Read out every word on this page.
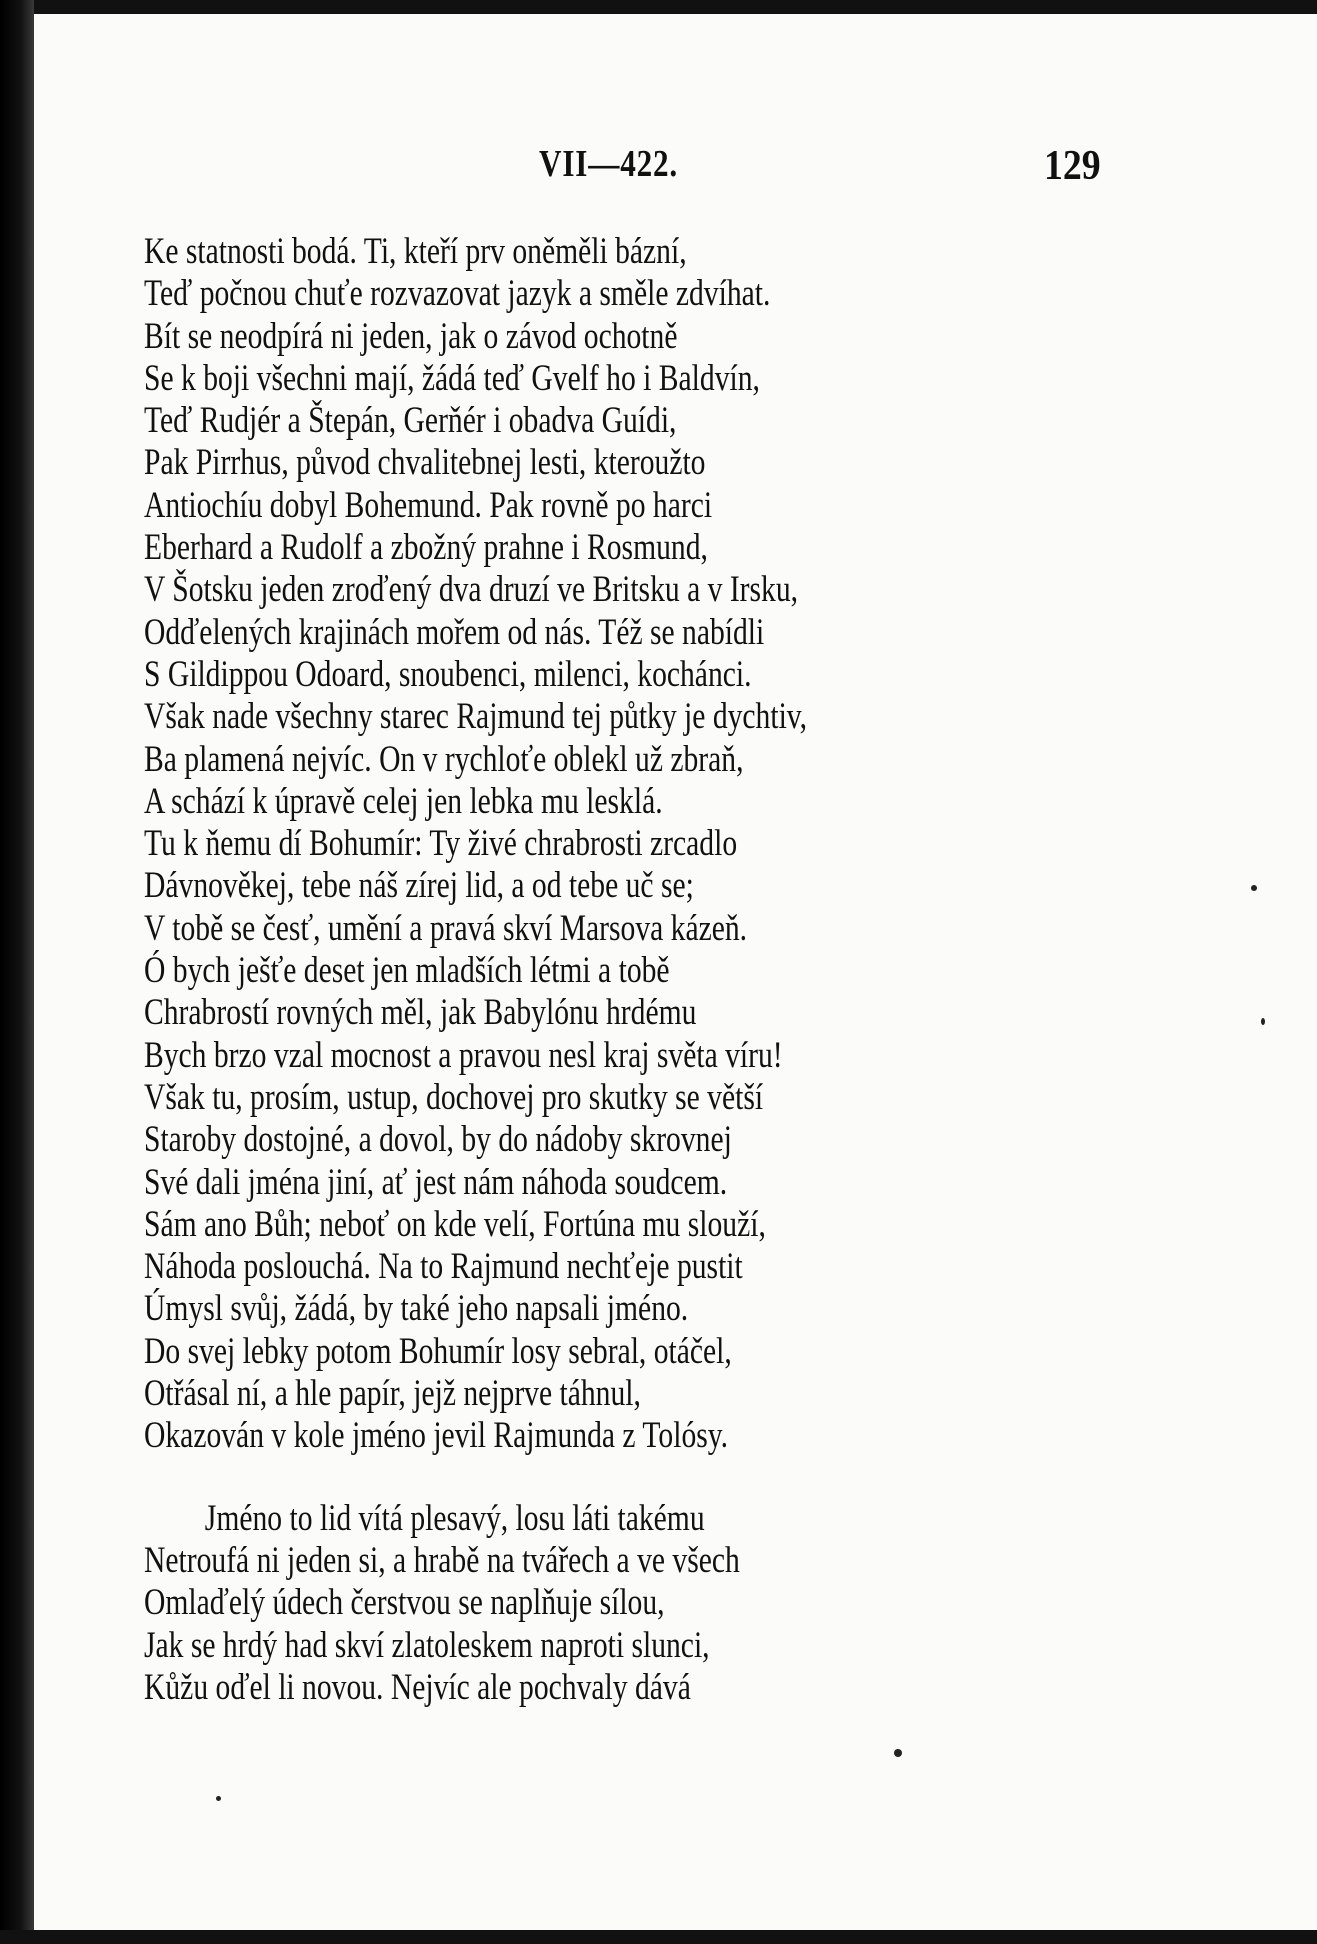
VII—422.	129
Ke statnosti bodá. Ti, kteří prv oněměli bázní,
Teď počnou chuťe rozvazovat jazyk a směle zdvíhat.
Bít se neodpírá ni jeden, jak o závod ochotně
Se k boji všechni mají, žádá teď Gvelf ho i Baldvín,
Teď Rudjér a Štepán, Gerňér i obadva Guídi,
Pak Pirrhus, původ chvalitebnej lesti, kteroužto
Antiochíu dobyl Bohemund. Pak rovně po harci
Eberhard a Rudolf a zbožný prahne i Rosmund,
V Šotsku jeden zroďený dva druzí ve Britsku a v Irsku,
Odďelených krajinách mořem od nás. Též se nabídli
S Gildippou Odoard, snoubenci, milenci, kochánci.
Však nade všechny starec Rajmund tej půtky je dychtiv,
Ba plamená nejvíc. On v rychloťe oblekl už zbraň,
A schází k úpravě celej jen lebka mu lesklá.
Tu k ňemu dí Bohumír: Ty živé chrabrosti zrcadlo
Dávnověkej, tebe náš zírej lid, a od tebe uč se;
V tobě se česť, umění a pravá skví Marsova kázeň.
Ó bych ješťe deset jen mladších létmi a tobě
Chrabrostí rovných měl, jak Babylónu hrdému
Bych brzo vzal mocnost a pravou nesl kraj světa víru!
Však tu, prosím, ustup, dochovej pro skutky se větší
Staroby dostojné, a dovol, by do nádoby skrovnej
Své dali jména jiní, ať jest nám náhoda soudcem.
Sám ano Bůh; neboť on kde velí, Fortúna mu slouží,
Náhoda poslouchá. Na to Rajmund nechťeje pustit
Úmysl svůj, žádá, by také jeho napsali jméno.
Do svej lebky potom Bohumír losy sebral, otáčel,
Otřásal ní, a hle papír, jejž nejprve táhnul,
Okazován v kole jméno jevil Rajmunda z Tolósy.
Jméno to lid vítá plesavý, losu láti takému
Netroufá ni jeden si, a hrabě na tvářech a ve všech
Omlaďelý údech čerstvou se naplňuje sílou,
Jak se hrdý had skví zlatoleskem naproti slunci,
Kůžu oďel li novou. Nejvíc ale pochvaly dává
